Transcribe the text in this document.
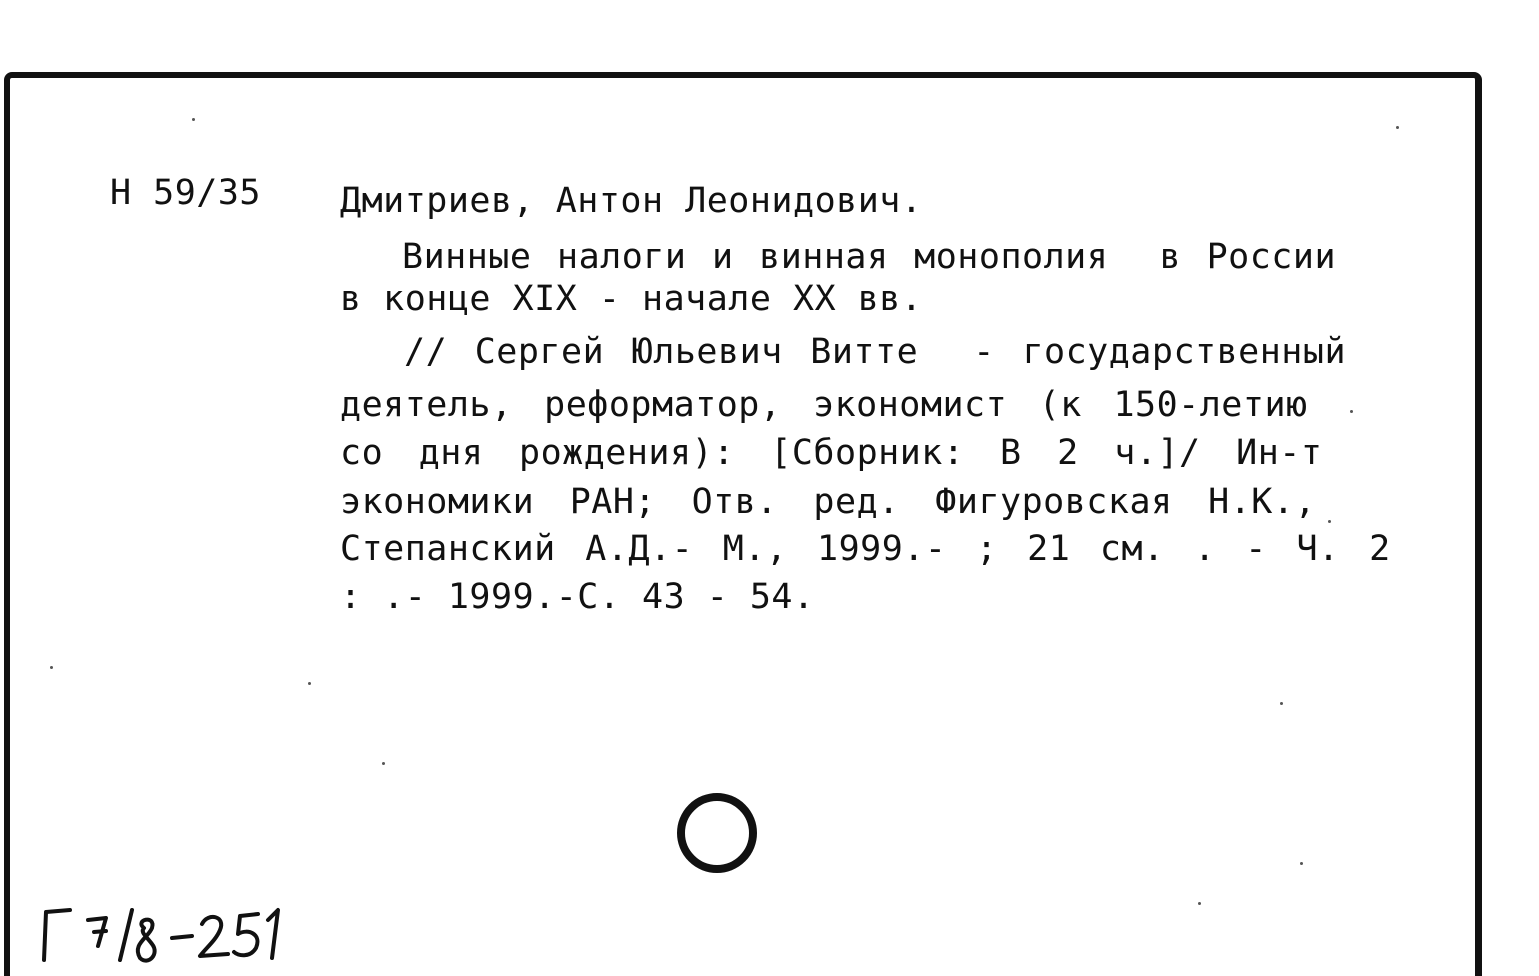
Н 59/35 Дмитриев, Антон Леонидович.
Винные налоги и винная монополия  в России
в конце XIX - начале XX вв.
// Сергей Юльевич Витте  - государственный
деятель, реформатор, экономист (к 150-летию
со дня рождения): [Сборник: В 2 ч.]/ Ин-т
экономики РАН; Отв. ред. Фигуровская Н.К.,
Степанский А.Д.- М., 1999.- ; 21 см. . - Ч. 2
: .- 1999.-С. 43 - 54.
